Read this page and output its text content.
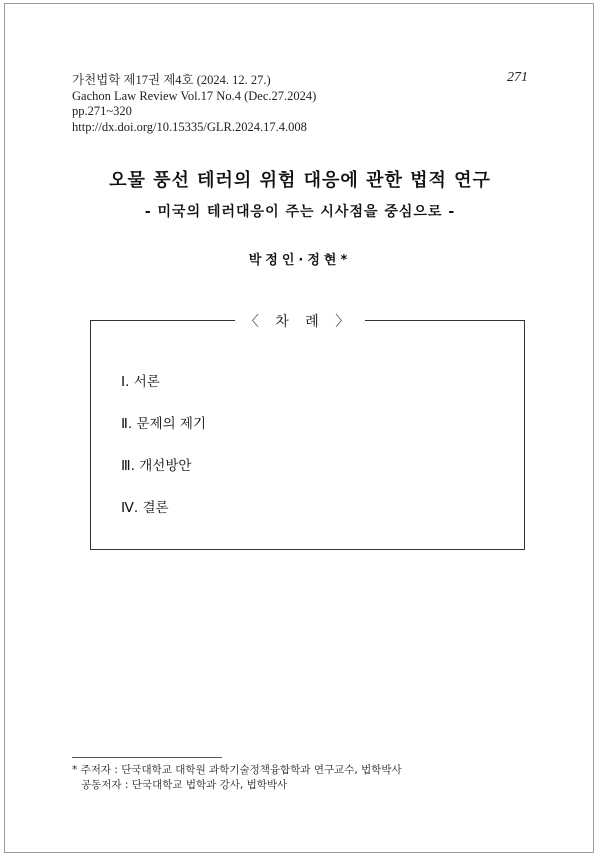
가천법학 제17권 제4호 (2024. 12. 27.)
Gachon Law Review Vol.17 No.4 (Dec.27.2024)
pp.271~320
http://dx.doi.org/10.15335/GLR.2024.17.4.008
271
오물 풍선 테러의 위험 대응에 관한 법적 연구
- 미국의 테러대응이 주는 시사점을 중심으로 -
박정인·정현*
〈 차 례 〉
Ⅰ. 서론
Ⅱ. 문제의 제기
Ⅲ. 개선방안
Ⅳ. 결론
* 주저자 : 단국대학교 대학원 과학기술정책융합학과 연구교수, 법학박사
공동저자 : 단국대학교 법학과 강사, 법학박사
